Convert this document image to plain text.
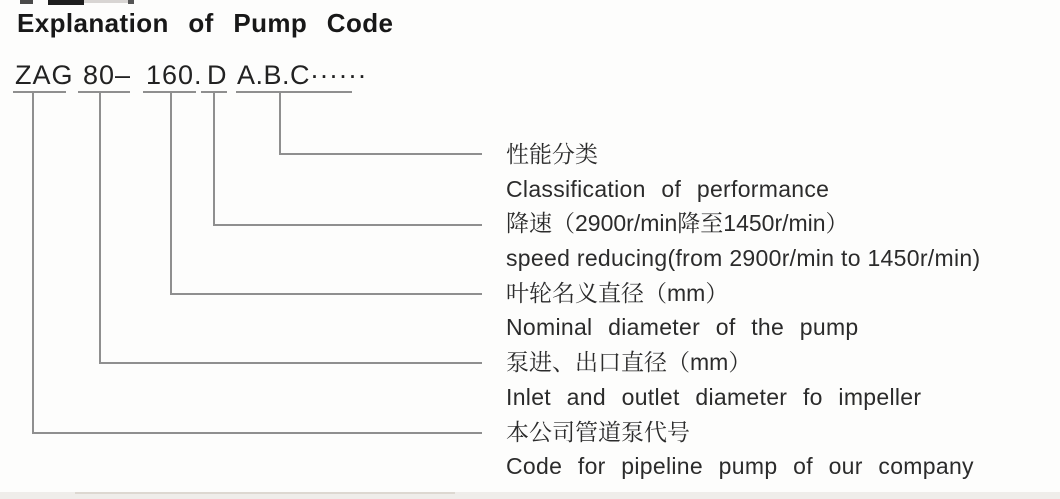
Explanation of Pump Code
ZAG 80– 160. D A.B.C······
性能分类
Classification of performance
降速（2900r/min降至1450r/min）
speed reducing(from 2900r/min to 1450r/min)
叶轮名义直径（mm）
Nominal diameter of the pump
泵进、出口直径（mm）
Inlet and outlet diameter fo impeller
本公司管道泵代号
Code for pipeline pump of our company
